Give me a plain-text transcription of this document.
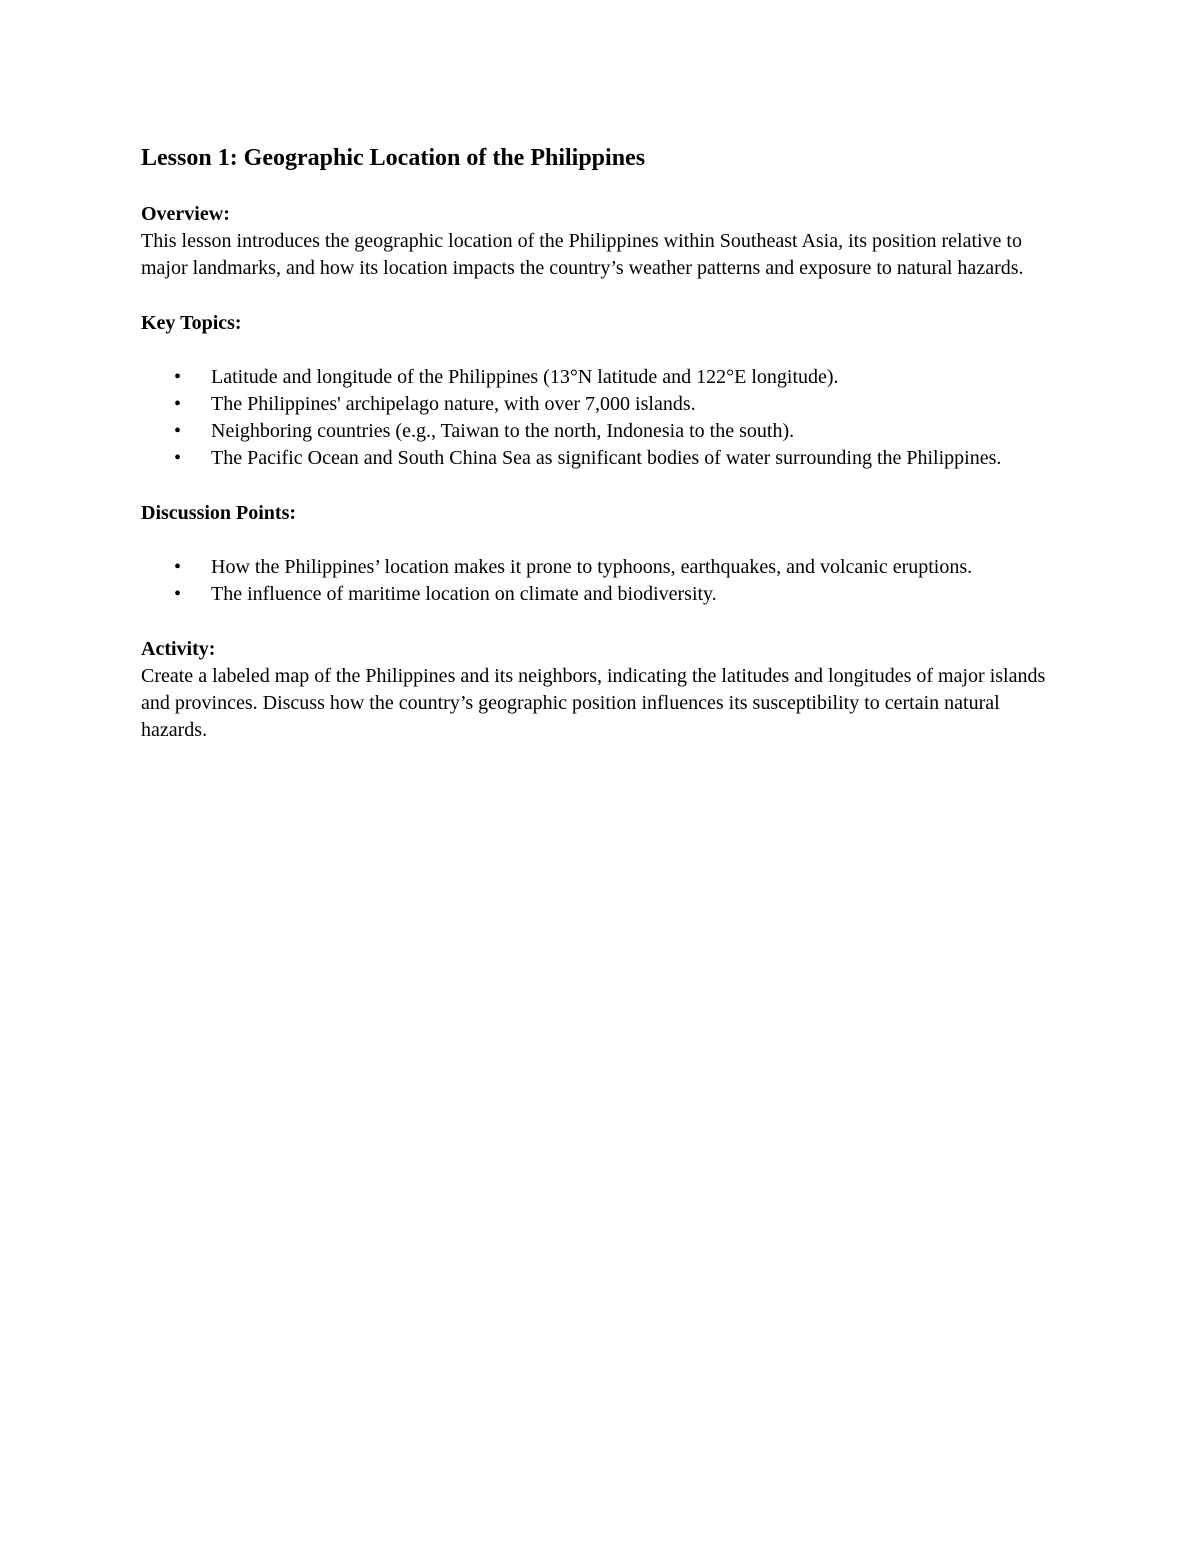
Lesson 1: Geographic Location of the Philippines

Overview:

This lesson introduces the geographic location of the Philippines within Southeast Asia, its position relative to major landmarks, and how its location impacts the country’s weather patterns and exposure to natural hazards.

Key Topics:

• Latitude and longitude of the Philippines (13°N latitude and 122°E longitude).
• The Philippines' archipelago nature, with over 7,000 islands.
• Neighboring countries (e.g., Taiwan to the north, Indonesia to the south).
• The Pacific Ocean and South China Sea as significant bodies of water surrounding the Philippines.

Discussion Points:

• How the Philippines’ location makes it prone to typhoons, earthquakes, and volcanic eruptions.
• The influence of maritime location on climate and biodiversity.

Activity:

Create a labeled map of the Philippines and its neighbors, indicating the latitudes and longitudes of major islands and provinces. Discuss how the country’s geographic position influences its susceptibility to certain natural hazards.
